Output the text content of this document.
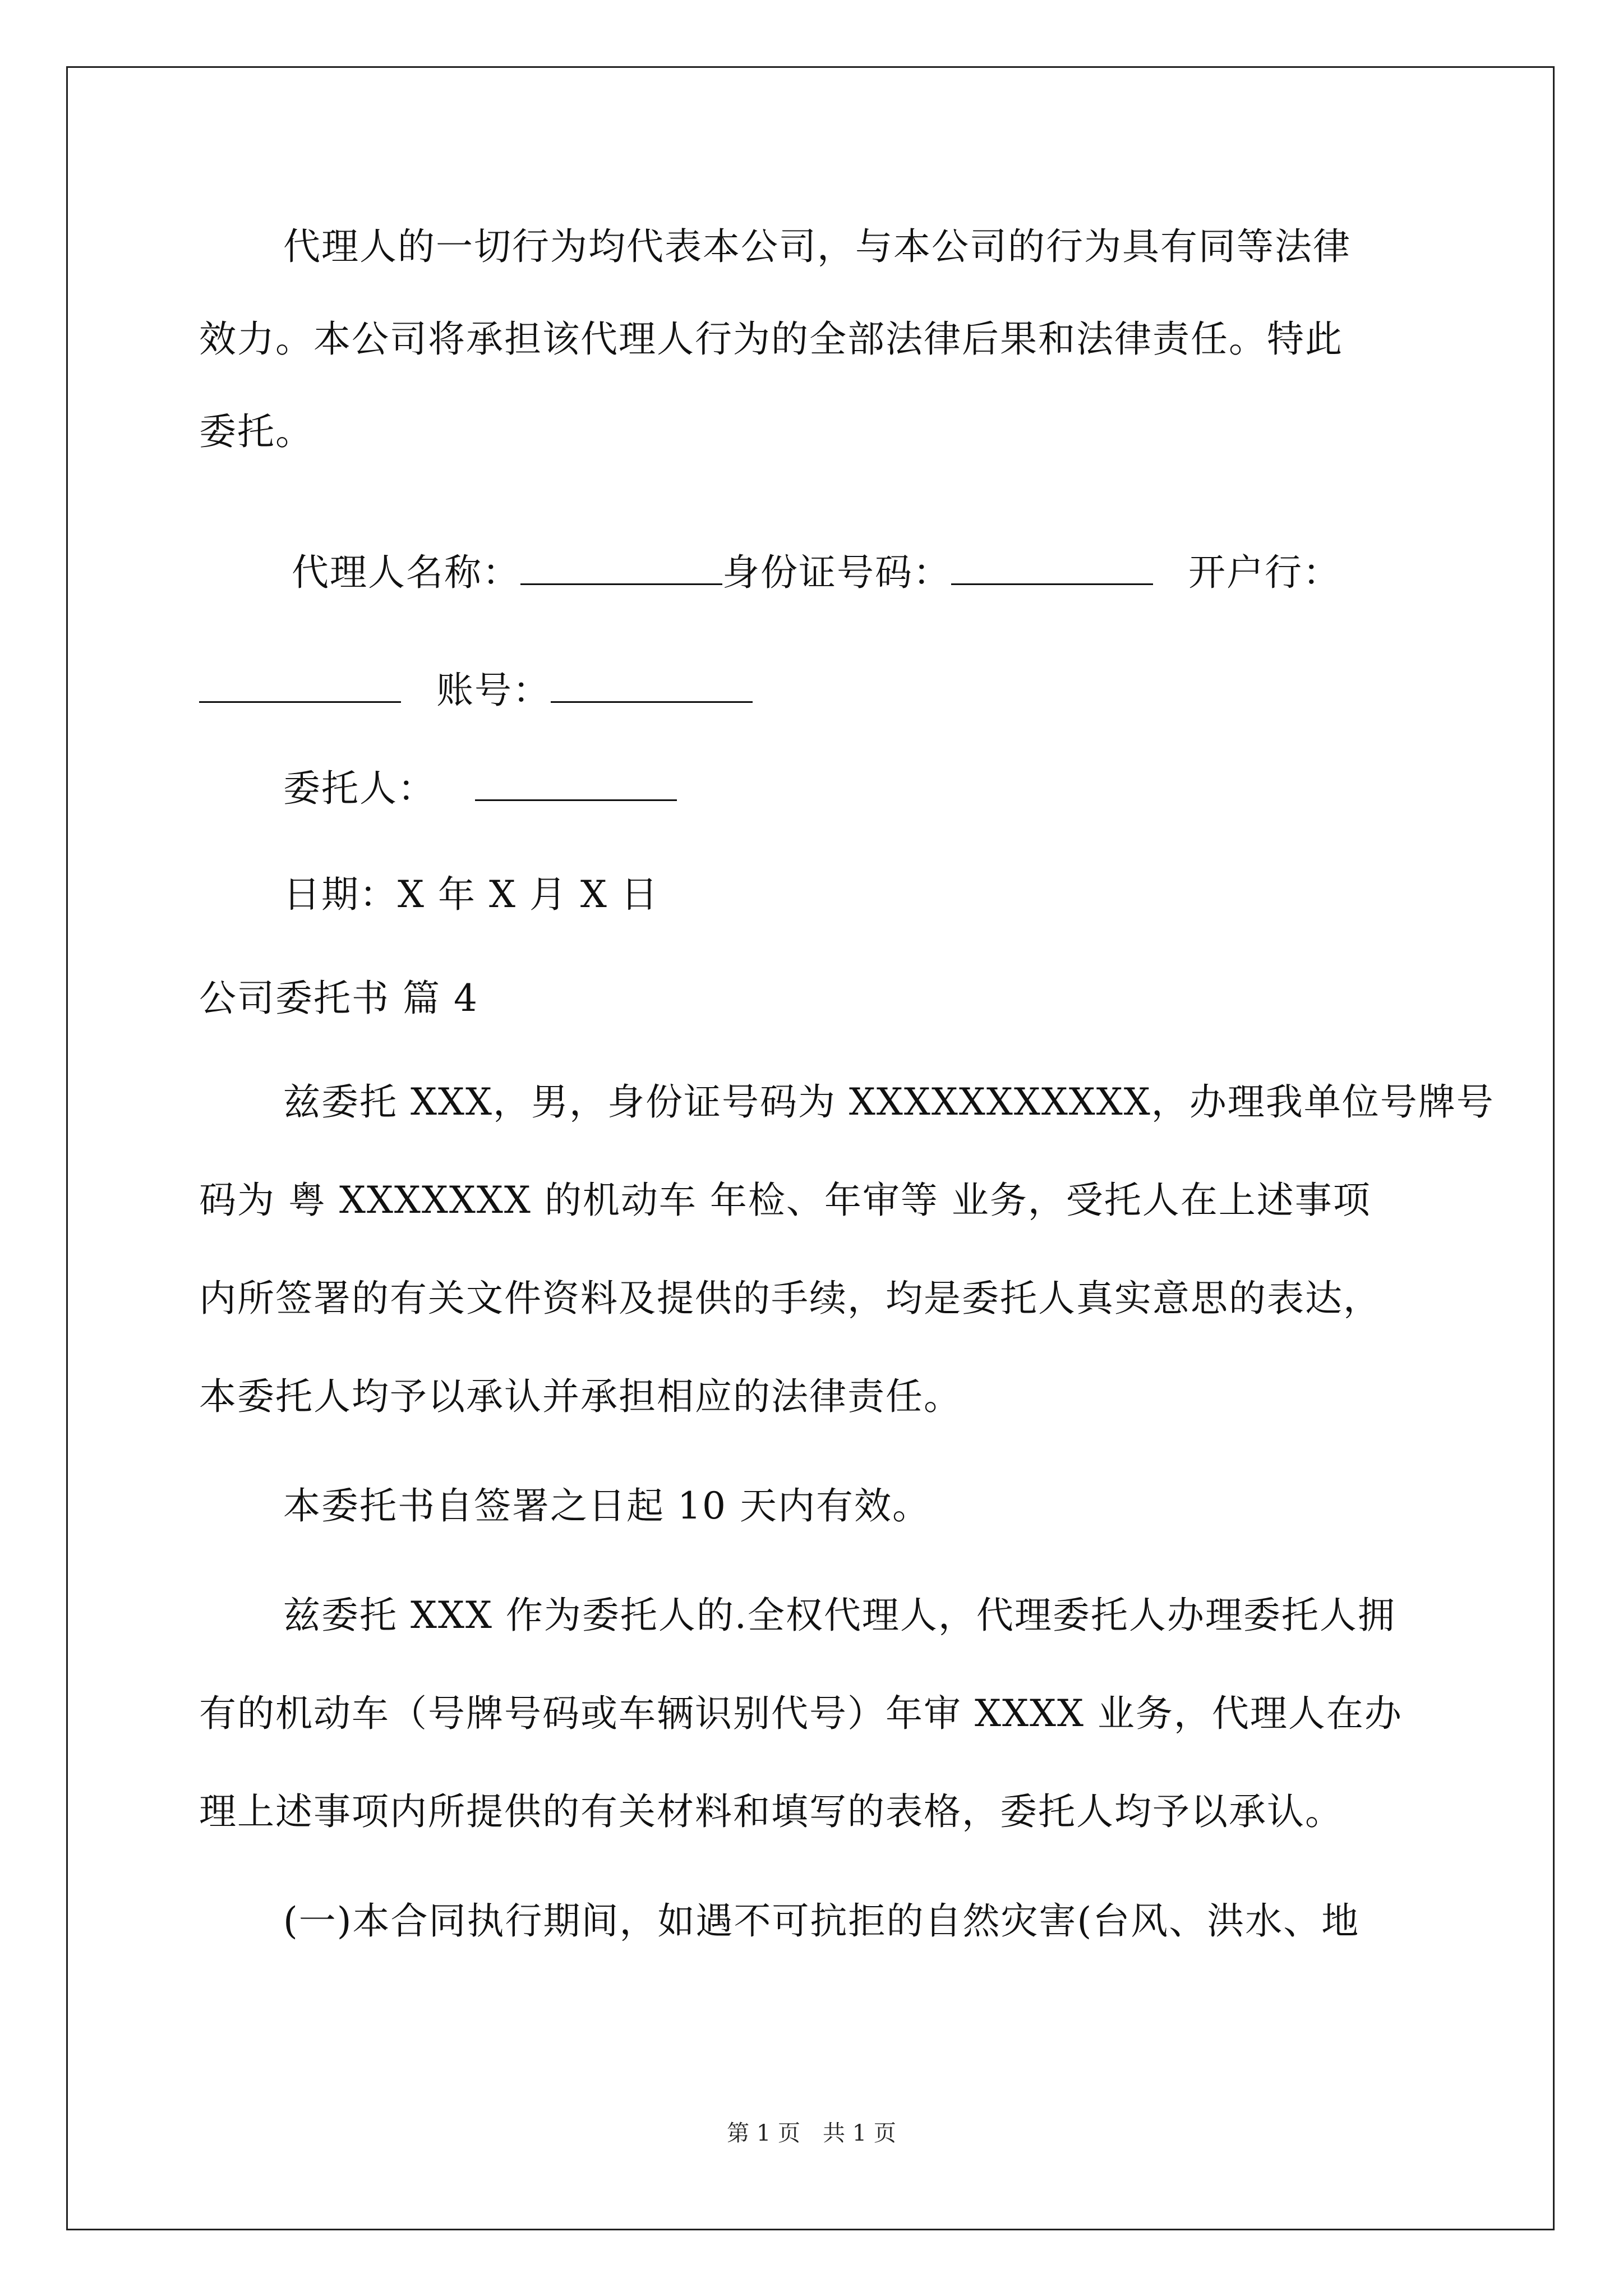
代理人的一切行为均代表本公司，与本公司的行为具有同等法律
效力。本公司将承担该代理人行为的全部法律后果和法律责任。特此
委托。
代理人名称：	身份证号码：	开户行：
账号：
委托人：
日期：X 年 X 月 X 日
公司委托书 篇 4
兹委托 XXX，男，身份证号码为 XXXXXXXXXXX，办理我单位号牌号
码为 粤 XXXXXXX 的机动车 年检、年审等 业务，受托人在上述事项
内所签署的有关文件资料及提供的手续，均是委托人真实意思的表达，
本委托人均予以承认并承担相应的法律责任。
本委托书自签署之日起 10 天内有效。
兹委托 XXX 作为委托人的.全权代理人，代理委托人办理委托人拥
有的机动车（号牌号码或车辆识别代号）年审 XXXX 业务，代理人在办
理上述事项内所提供的有关材料和填写的表格，委托人均予以承认。
(一)本合同执行期间，如遇不可抗拒的自然灾害(台风、洪水、地
第 1 页　共 1 页
